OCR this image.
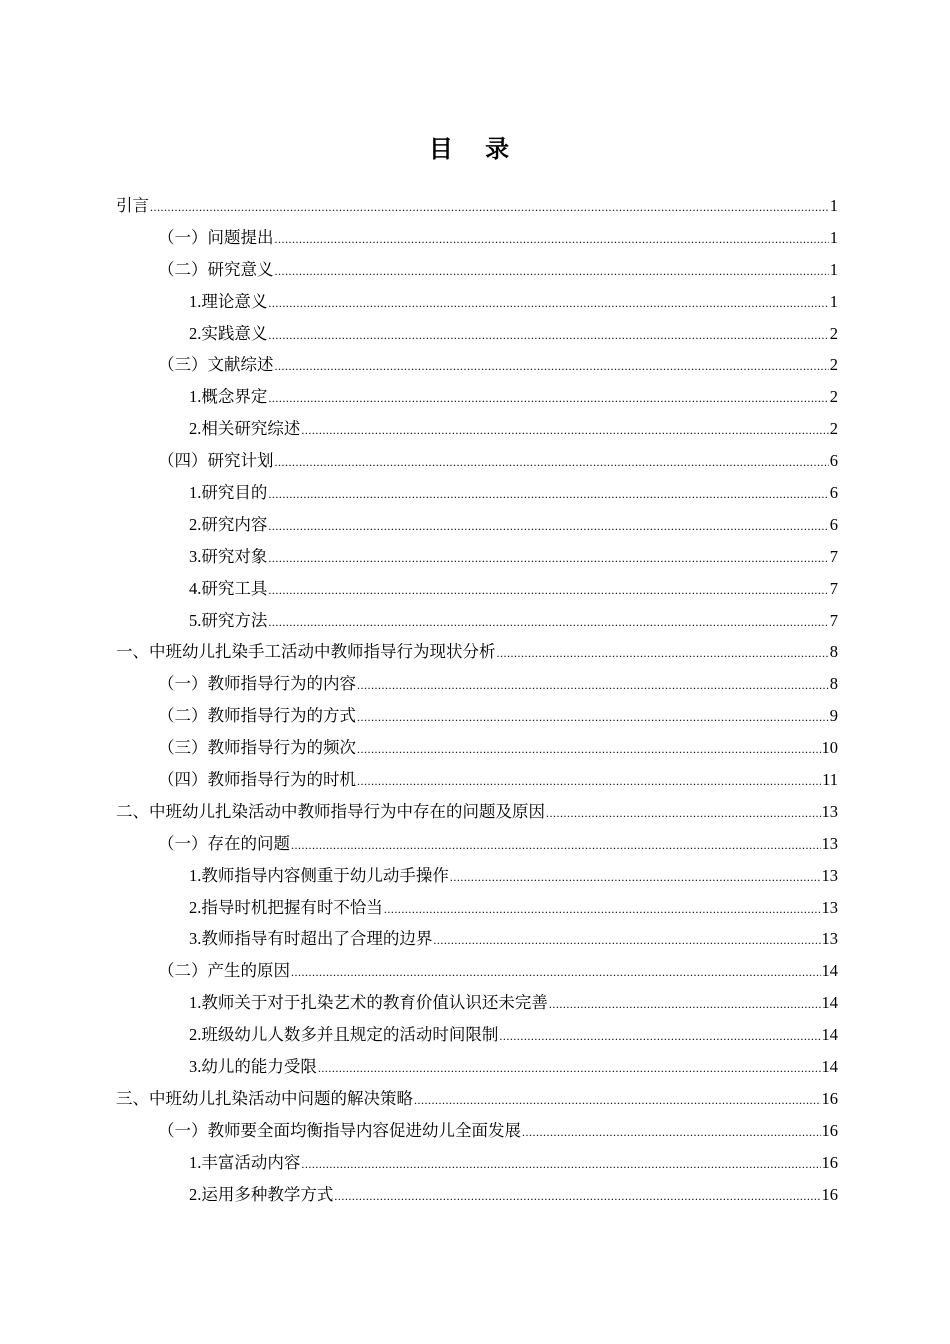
目 录
引言 .....	1
（一）问题提出 .....	1
（二）研究意义 .....	1
1.理论意义 .....	1
2.实践意义 .....	2
（三）文献综述 .....	2
1.概念界定 .....	2
2.相关研究综述 .....	2
（四）研究计划 .....	6
1.研究目的 .....	6
2.研究内容 .....	6
3.研究对象 .....	7
4.研究工具 .....	7
5.研究方法 .....	7
一、中班幼儿扎染手工活动中教师指导行为现状分析 .....	8
（一）教师指导行为的内容 .....	8
（二）教师指导行为的方式 .....	9
（三）教师指导行为的频次 .....	10
（四）教师指导行为的时机 .....	11
二、中班幼儿扎染活动中教师指导行为中存在的问题及原因 .....	13
（一）存在的问题 .....	13
1.教师指导内容侧重于幼儿动手操作 .....	13
2.指导时机把握有时不恰当 .....	13
3.教师指导有时超出了合理的边界 .....	13
（二）产生的原因 .....	14
1.教师关于对于扎染艺术的教育价值认识还未完善 .....	14
2.班级幼儿人数多并且规定的活动时间限制 .....	14
3.幼儿的能力受限 .....	14
三、中班幼儿扎染活动中问题的解决策略 .....	16
（一）教师要全面均衡指导内容促进幼儿全面发展 .....	16
1.丰富活动内容 .....	16
2.运用多种教学方式 .....	16
